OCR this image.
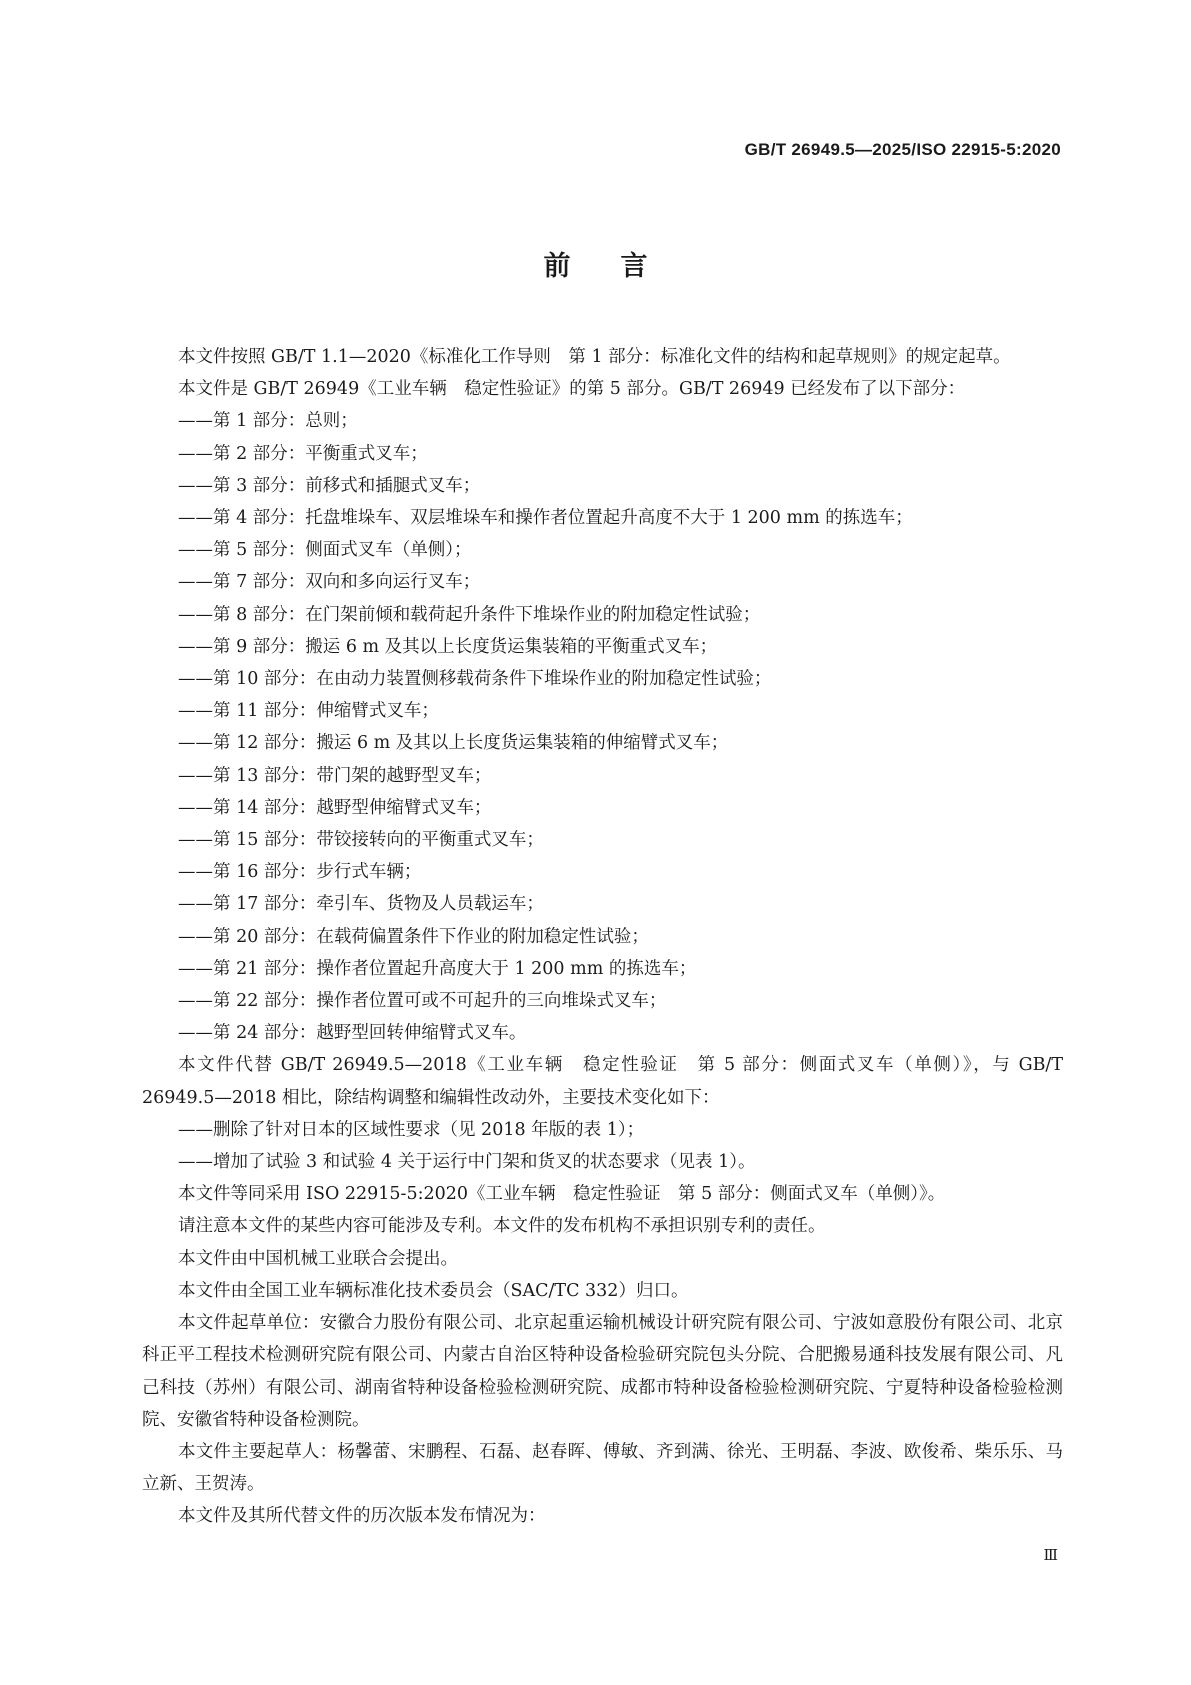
GB/T 26949.5—2025/ISO 22915-5:2020
前言

本文件按照 GB/T 1.1—2020《标准化工作导则　第 1 部分：标准化文件的结构和起草规则》的规定起草。

本文件是 GB/T 26949《工业车辆　稳定性验证》的第 5 部分。GB/T 26949 已经发布了以下部分：

——第 1 部分：总则；

——第 2 部分：平衡重式叉车；

——第 3 部分：前移式和插腿式叉车；

——第 4 部分：托盘堆垛车、双层堆垛车和操作者位置起升高度不大于 1 200 mm 的拣选车；

——第 5 部分：侧面式叉车（单侧）；

——第 7 部分：双向和多向运行叉车；

——第 8 部分：在门架前倾和载荷起升条件下堆垛作业的附加稳定性试验；

——第 9 部分：搬运 6 m 及其以上长度货运集装箱的平衡重式叉车；

——第 10 部分：在由动力装置侧移载荷条件下堆垛作业的附加稳定性试验；

——第 11 部分：伸缩臂式叉车；

——第 12 部分：搬运 6 m 及其以上长度货运集装箱的伸缩臂式叉车；

——第 13 部分：带门架的越野型叉车；

——第 14 部分：越野型伸缩臂式叉车；

——第 15 部分：带铰接转向的平衡重式叉车；

——第 16 部分：步行式车辆；

——第 17 部分：牵引车、货物及人员载运车；

——第 20 部分：在载荷偏置条件下作业的附加稳定性试验；

——第 21 部分：操作者位置起升高度大于 1 200 mm 的拣选车；

——第 22 部分：操作者位置可或不可起升的三向堆垛式叉车；

——第 24 部分：越野型回转伸缩臂式叉车。

本文件代替 GB/T 26949.5—2018《工业车辆　稳定性验证　第 5 部分：侧面式叉车（单侧）》，与 GB/T 26949.5—2018 相比，除结构调整和编辑性改动外，主要技术变化如下：

——删除了针对日本的区域性要求（见 2018 年版的表 1）；

——增加了试验 3 和试验 4 关于运行中门架和货叉的状态要求（见表 1）。

本文件等同采用 ISO 22915-5:2020《工业车辆　稳定性验证　第 5 部分：侧面式叉车（单侧）》。

请注意本文件的某些内容可能涉及专利。本文件的发布机构不承担识别专利的责任。

本文件由中国机械工业联合会提出。

本文件由全国工业车辆标准化技术委员会（SAC/TC 332）归口。

本文件起草单位：安徽合力股份有限公司、北京起重运输机械设计研究院有限公司、宁波如意股份有限公司、北京科正平工程技术检测研究院有限公司、内蒙古自治区特种设备检验研究院包头分院、合肥搬易通科技发展有限公司、凡己科技（苏州）有限公司、湖南省特种设备检验检测研究院、成都市特种设备检验检测研究院、宁夏特种设备检验检测院、安徽省特种设备检测院。

本文件主要起草人：杨馨蕾、宋鹏程、石磊、赵春晖、傅敏、齐到满、徐光、王明磊、李波、欧俊希、柴乐乐、马立新、王贺涛。

本文件及其所代替文件的历次版本发布情况为：

Ⅲ
